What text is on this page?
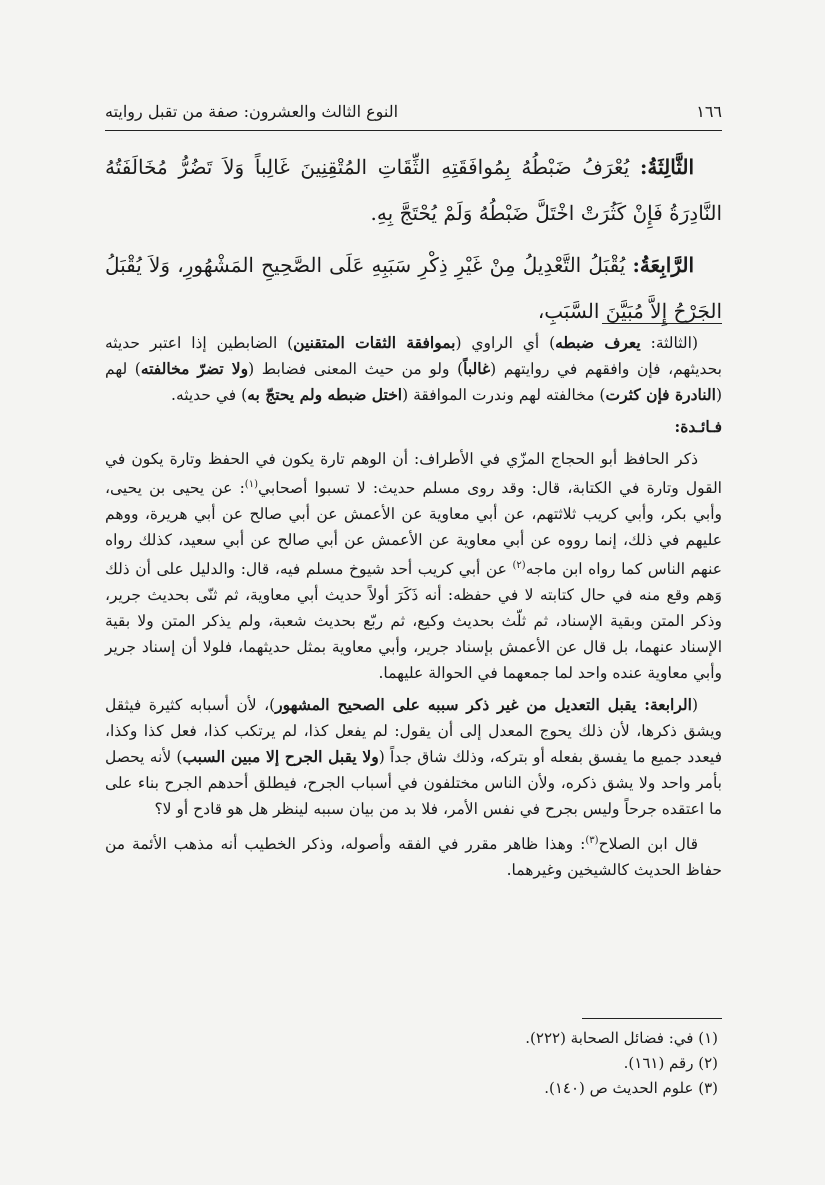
١٦٦
النوع الثالث والعشرون: صفة من تقبل روايته

الثَّالِثَةُ: يُعْرَفُ ضَبْطُهُ بِمُوافَقَتِهِ الثِّقَاتِ المُتْقِنِينَ غَالِباً وَلاَ تَضُرُّ مُخَالَفَتُهُ النَّادِرَةُ فَإِنْ كَثُرَتْ اخْتَلَّ ضَبْطُهُ وَلَمْ يُحْتَجَّ بِهِ.

الرَّابِعَةُ: يُقْبَلُ التَّعْدِيلُ مِنْ غَيْرِ ذِكْرِ سَبَبِهِ عَلَى الصَّحِيحِ المَشْهُورِ، وَلاَ يُقْبَلُ الجَرْحُ إِلاَّ مُبَيَّنَ السَّبَبِ،

(الثالثة: يعرف ضبطه) أي الراوي (بموافقة الثقات المتقنين) الضابطين إذا اعتبر حديثه بحديثهم، فإن وافقهم في روايتهم (غالباً) ولو من حيث المعنى فضابط (ولا تضرّ مخالفته) لهم (النادرة فإن كثرت) مخالفته لهم وندرت الموافقة (اختل ضبطه ولم يحتجّ به) في حديثه.

فـائـدة:

ذكر الحافظ أبو الحجاج المزّي في الأطراف: أن الوهم تارة يكون في الحفظ وتارة يكون في القول وتارة في الكتابة، قال: وقد روى مسلم حديث: لا تسبوا أصحابي$^{(١)}$: عن يحيى بن يحيى، وأبي بكر، وأبي كريب ثلاثتهم، عن أبي معاوية عن الأعمش عن أبي صالح عن أبي هريرة، ووهم عليهم في ذلك، إنما رووه عن أبي معاوية عن الأعمش عن أبي صالح عن أبي سعيد، كذلك رواه عنهم الناس كما رواه ابن ماجه$^{(٢)}$ عن أبي كريب أحد شيوخ مسلم فيه، قال: والدليل على أن ذلك وَهم وقع منه في حال كتابته لا في حفظه: أنه ذَكَرَ أولاً حديث أبي معاوية، ثم ثنّى بحديث جرير، وذكر المتن وبقية الإسناد، ثم ثلّث بحديث وكيع، ثم ربّع بحديث شعبة، ولم يذكر المتن ولا بقية الإسناد عنهما، بل قال عن الأعمش بإسناد جرير، وأبي معاوية بمثل حديثهما، فلولا أن إسناد جرير وأبي معاوية عنده واحد لما جمعهما في الحوالة عليهما.

(الرابعة: يقبل التعديل من غير ذكر سببه على الصحيح المشهور)، لأن أسبابه كثيرة فيثقل ويشق ذكرها، لأن ذلك يحوج المعدل إلى أن يقول: لم يفعل كذا، لم يرتكب كذا، فعل كذا وكذا، فيعدد جميع ما يفسق بفعله أو بتركه، وذلك شاق جداً (ولا يقبل الجرح إلا مبين السبب) لأنه يحصل بأمر واحد ولا يشق ذكره، ولأن الناس مختلفون في أسباب الجرح، فيطلق أحدهم الجرح بناء على ما اعتقده جرحاً وليس بجرح في نفس الأمر، فلا بد من بيان سببه لينظر هل هو قادح أو لا؟

قال ابن الصلاح$^{(٣)}$: وهذا ظاهر مقرر في الفقه وأصوله، وذكر الخطيب أنه مذهب الأئمة من حفاظ الحديث كالشيخين وغيرهما.

(١) في: فضائل الصحابة (٢٢٢).
(٢) رقم (١٦١).
(٣) علوم الحديث ص (١٤٠).
